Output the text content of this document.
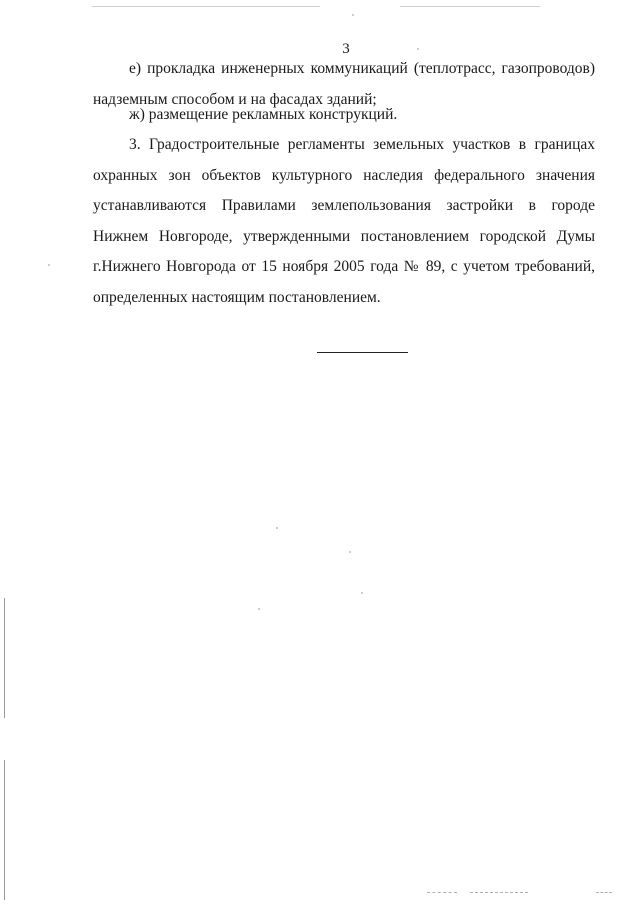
3

е) прокладка инженерных коммуникаций (теплотрасс, газопроводов) надземным способом и на фасадах зданий;

ж) размещение рекламных конструкций.

3. Градостроительные регламенты земельных участков в границах охранных зон объектов культурного наследия федерального значения устанавливаются Правилами землепользования застройки в городе Нижнем Новгороде, утвержденными постановлением городской Думы г.Нижнего Новгорода от 15 ноября 2005 года № 89, с учетом требований, определенных настоящим постановлением.
